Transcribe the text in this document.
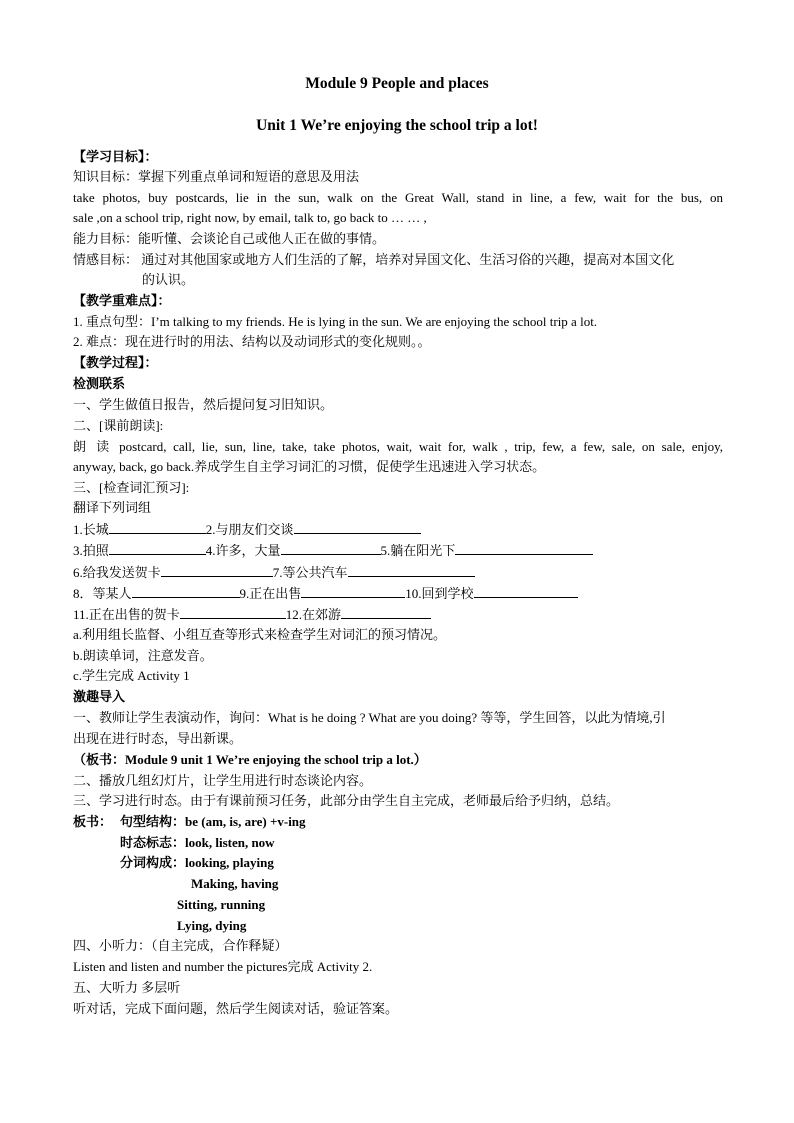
Module 9 People and places
Unit 1 We’re enjoying the school trip a lot!
【学习目标】：
知识目标：掌握下列重点单词和短语的意思及用法
take photos, buy postcards, lie in the sun, walk on the Great Wall, stand in line, a few, wait for the bus, on
sale ,on a school trip, right now, by email, talk to, go back to … … ,
能力目标：能听懂、会谈论自己或他人正在做的事情。
情感目标： 通过对其他国家或地方人们生活的了解，培养对异国文化、生活习俗的兴趣，提高对本国文化
的认识。
【教学重难点】：
1. 重点句型：I’m talking to my friends. He is lying in the sun. We are enjoying the school trip a lot.
2. 难点：现在进行时的用法、结构以及动词形式的变化规则。。
【教学过程】：
检测联系
一、学生做值日报告，然后提问复习旧知识。
二、[课前朗读]:
朗 读 postcard, call, lie, sun, line, take, take photos, wait, wait for, walk , trip, few, a few, sale, on sale, enjoy,
anyway, back, go back.养成学生自主学习词汇的习惯，促使学生迅速进入学习状态。
三、[检查词汇预习]:
翻译下列词组
1.长城	2.与朋友们交谈
3.拍照	4.许多，大量	5.躺在阳光下
6.给我发送贺卡	7.等公共汽车
8．等某人	9.正在出售	10.回到学校
11.正在出售的贺卡	12.在郊游
a.利用组长监督、小组互查等形式来检查学生对词汇的预习情况。
b.朗读单词，注意发音。
c.学生完成 Activity 1
激趣导入
一、教师让学生表演动作，询问：What is he doing ? What are you doing? 等等，学生回答，以此为情境,引
出现在进行时态，导出新课。
（板书：Module 9 unit 1 We’re enjoying the school trip a lot.）
二、播放几组幻灯片，让学生用进行时态谈论内容。
三、学习进行时态。由于有课前预习任务，此部分由学生自主完成，老师最后给予归纳，总结。
板书： 句型结构：be (am, is, are) +v-ing
时态标志：look, listen, now
分词构成：looking, playing
Making, having
Sitting, running
Lying, dying
四、小听力：（自主完成，合作释疑）
Listen and listen and number the pictures完成 Activity 2.
五、大听力 多层听
听对话，完成下面问题，然后学生阅读对话，验证答案。
